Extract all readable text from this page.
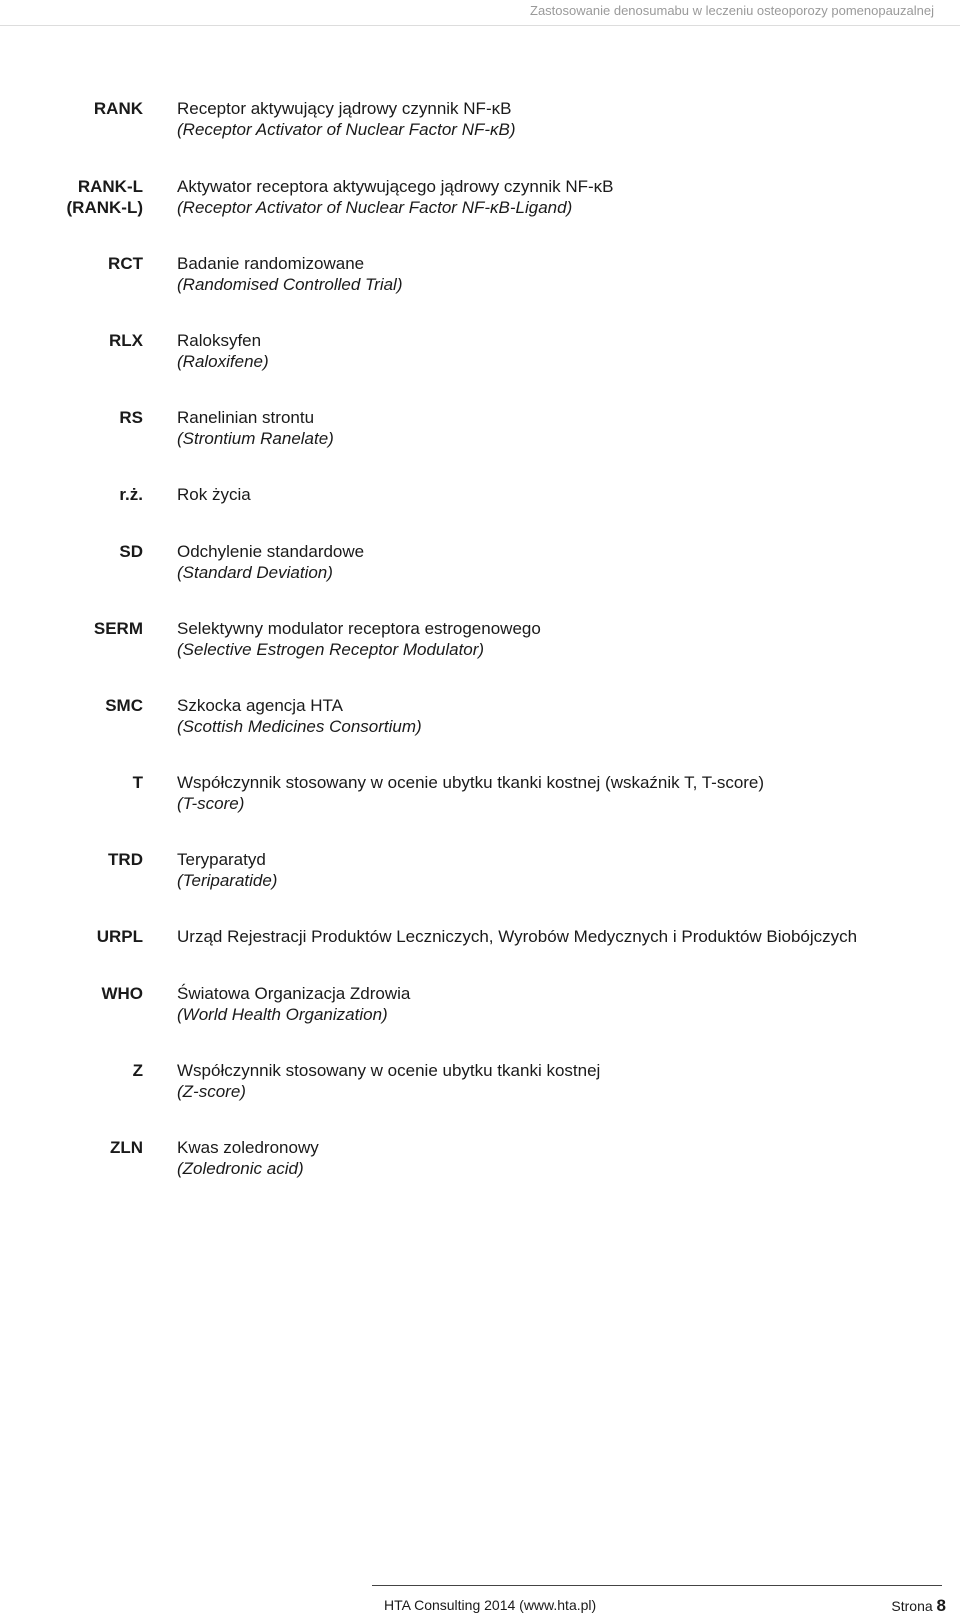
Zastosowanie denosumabu w leczeniu osteoporozy pomenopauzalnej
RANK Receptor aktywujący jądrowy czynnik NF-κB
(Receptor Activator of Nuclear Factor NF-κB)
RANK-L
(RANK-L)
Aktywator receptora aktywującego jądrowy czynnik NF-κB
(Receptor Activator of Nuclear Factor NF-κB-Ligand)
RCT Badanie randomizowane
(Randomised Controlled Trial)
RLX Raloksyfen
(Raloxifene)
RS Ranelinian strontu
(Strontium Ranelate)
r.ż. Rok życia
SD Odchylenie standardowe
(Standard Deviation)
SERM Selektywny modulator receptora estrogenowego
(Selective Estrogen Receptor Modulator)
SMC Szkocka agencja HTA
(Scottish Medicines Consortium)
T Współczynnik stosowany w ocenie ubytku tkanki kostnej (wskaźnik T, T-score)
(T-score)
TRD Teryparatyd
(Teriparatide)
URPL Urząd Rejestracji Produktów Leczniczych, Wyrobów Medycznych i Produktów Biobójczych
WHO Światowa Organizacja Zdrowia
(World Health Organization)
Z Współczynnik stosowany w ocenie ubytku tkanki kostnej
(Z-score)
ZLN Kwas zoledronowy
(Zoledronic acid)
HTA Consulting 2014 (www.hta.pl)	Strona 8
